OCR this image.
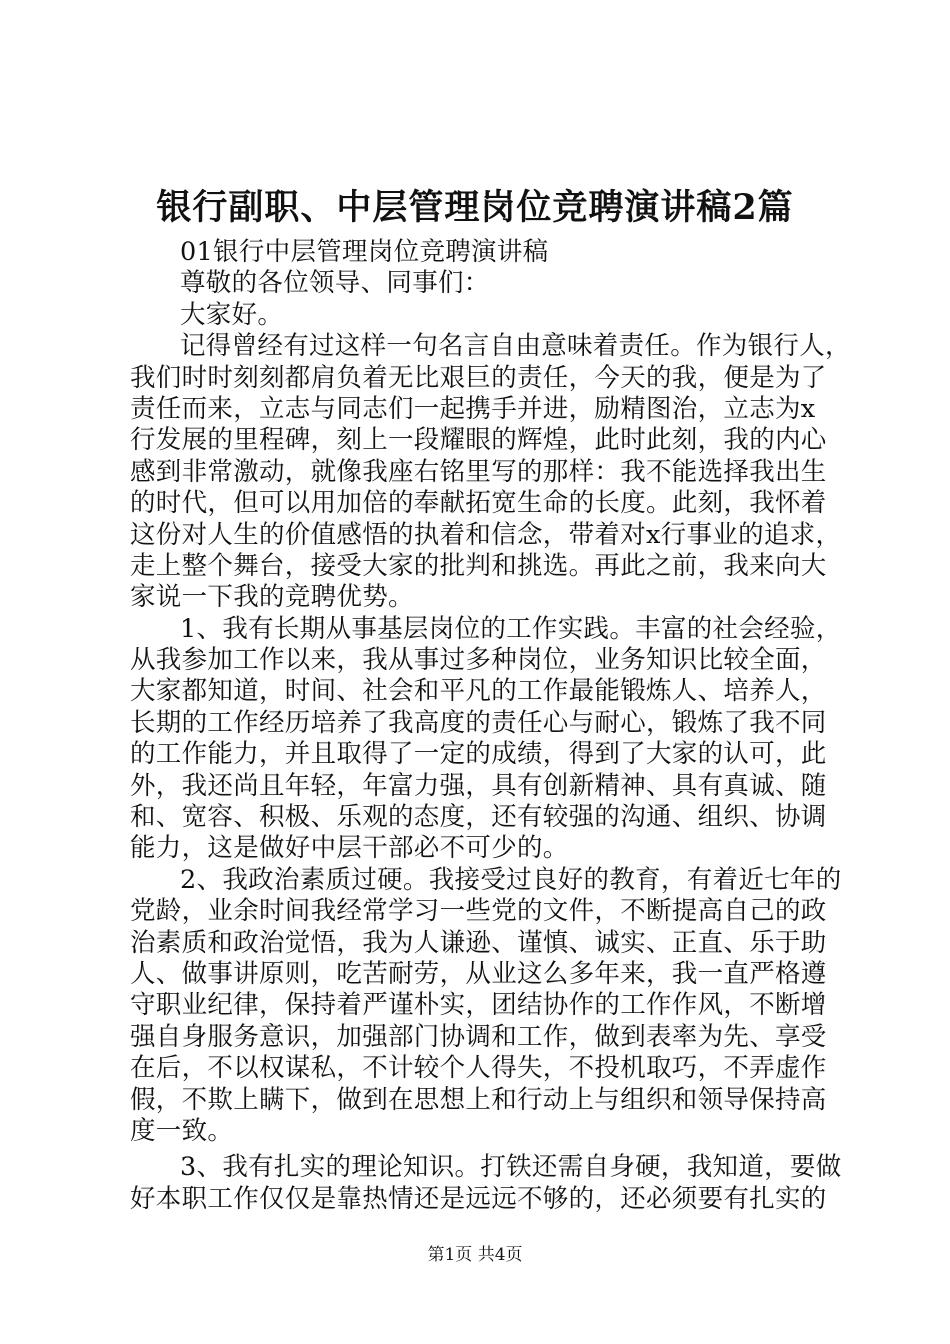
银行副职、中层管理岗位竞聘演讲稿2篇
01银行中层管理岗位竞聘演讲稿
尊敬的各位领导、同事们：
大家好。
记得曾经有过这样一句名言自由意味着责任。作为银行人，
我们时时刻刻都肩负着无比艰巨的责任，今天的我，便是为了
责任而来，立志与同志们一起携手并进，励精图治，立志为x
行发展的里程碑，刻上一段耀眼的辉煌，此时此刻，我的内心
感到非常激动，就像我座右铭里写的那样：我不能选择我出生
的时代，但可以用加倍的奉献拓宽生命的长度。此刻，我怀着
这份对人生的价值感悟的执着和信念，带着对x行事业的追求，
走上整个舞台，接受大家的批判和挑选。再此之前，我来向大
家说一下我的竞聘优势。
1、我有长期从事基层岗位的工作实践。丰富的社会经验，
从我参加工作以来，我从事过多种岗位，业务知识比较全面，
大家都知道，时间、社会和平凡的工作最能锻炼人、培养人，
长期的工作经历培养了我高度的责任心与耐心，锻炼了我不同
的工作能力，并且取得了一定的成绩，得到了大家的认可，此
外，我还尚且年轻，年富力强，具有创新精神、具有真诚、随
和、宽容、积极、乐观的态度，还有较强的沟通、组织、协调
能力，这是做好中层干部必不可少的。
2、我政治素质过硬。我接受过良好的教育，有着近七年的
党龄，业余时间我经常学习一些党的文件，不断提高自己的政
治素质和政治觉悟，我为人谦逊、谨慎、诚实、正直、乐于助
人、做事讲原则，吃苦耐劳，从业这么多年来，我一直严格遵
守职业纪律，保持着严谨朴实，团结协作的工作作风，不断增
强自身服务意识，加强部门协调和工作，做到表率为先、享受
在后，不以权谋私，不计较个人得失，不投机取巧，不弄虚作
假，不欺上瞒下，做到在思想上和行动上与组织和领导保持高
度一致。
3、我有扎实的理论知识。打铁还需自身硬，我知道，要做
好本职工作仅仅是靠热情还是远远不够的，还必须要有扎实的
第1页 共4页
